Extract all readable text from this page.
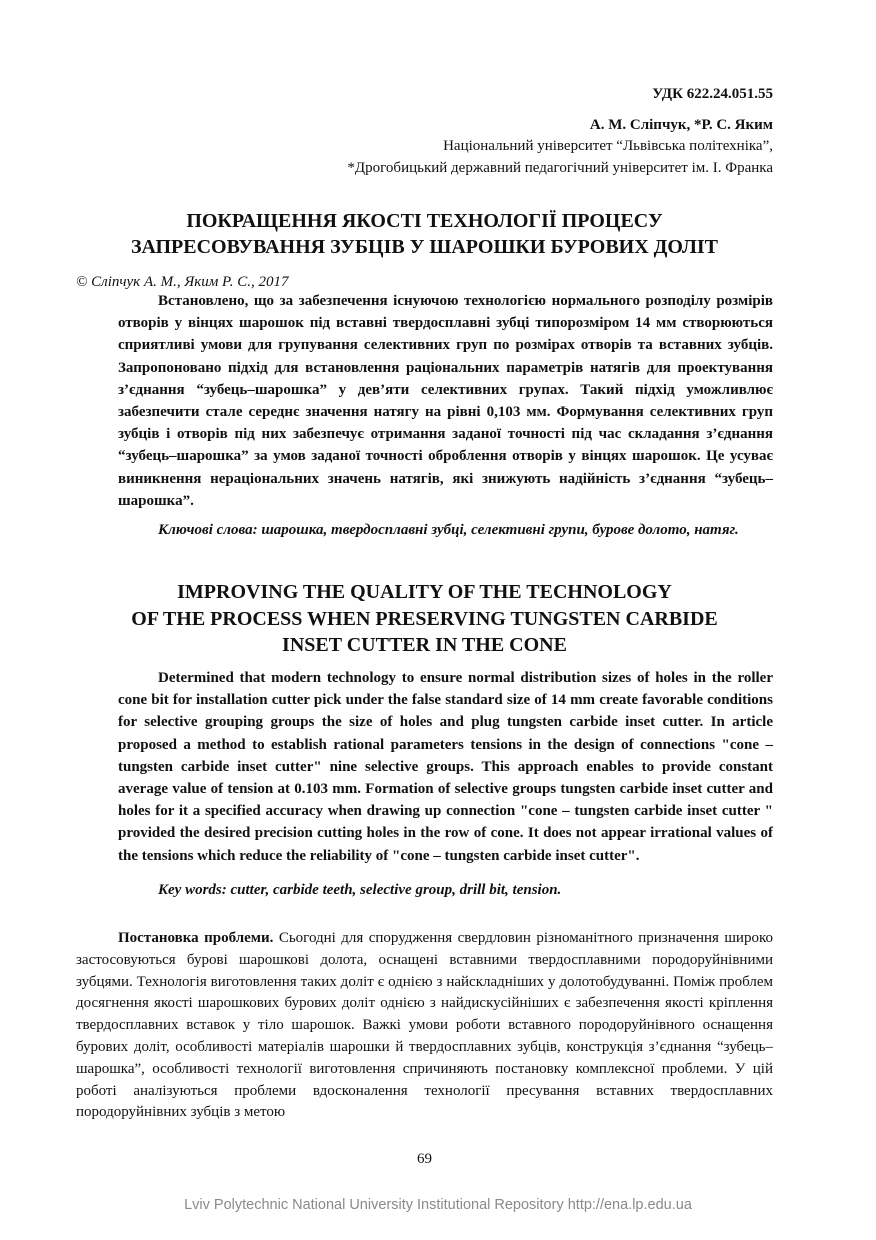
УДК 622.24.051.55
А. М. Сліпчук, *Р. С. Яким
Національний університет “Львівська політехніка”,
*Дрогобицький державний педагогічний університет ім. І. Франка
ПОКРАЩЕННЯ ЯКОСТІ ТЕХНОЛОГІЇ ПРОЦЕСУ
ЗАПРЕСОВУВАННЯ ЗУБЦІВ У ШАРОШКИ БУРОВИХ ДОЛІТ
© Сліпчук А. М., Яким Р. С., 2017
Встановлено, що за забезпечення існуючою технологією нормального розподілу розмірів отворів у вінцях шарошок під вставні твердосплавні зубці типорозміром 14 мм створюються сприятливі умови для групування селективних груп по розмірах отворів та вставних зубців. Запропоновано підхід для встановлення раціональних параметрів натягів для проектування з’єднання “зубець–шарошка” у дев’яти селективних групах. Такий підхід уможливлює забезпечити стале середнє значення натягу на рівні 0,103 мм. Формування селективних груп зубців і отворів під них забезпечує отримання заданої точності під час складання з’єднання “зубець–шарошка” за умов заданої точності оброблення отворів у вінцях шарошок. Це усуває виникнення нераціональних значень натягів, які знижують надійність з’єднання “зубець–шарошка”.
Ключові слова: шарошка, твердосплавні зубці, селективні групи, бурове долото, натяг.
IMPROVING THE QUALITY OF THE TECHNOLOGY
OF THE PROCESS WHEN PRESERVING TUNGSTEN CARBIDE
INSET CUTTER IN THE CONE
Determined that modern technology to ensure normal distribution sizes of holes in the roller cone bit for installation cutter pick under the false standard size of 14 mm create favorable conditions for selective grouping groups the size of holes and plug tungsten carbide inset cutter. In article proposed a method to establish rational parameters tensions in the design of connections "cone – tungsten carbide inset cutter" nine selective groups. This approach enables to provide constant average value of tension at 0.103 mm. Formation of selective groups tungsten carbide inset cutter and holes for it a specified accuracy when drawing up connection "cone – tungsten carbide inset cutter " provided the desired precision cutting holes in the row of cone. It does not appear irrational values of the tensions which reduce the reliability of "cone – tungsten carbide inset cutter".
Key words: cutter, carbide teeth, selective group, drill bit, tension.
Постановка проблеми. Сьогодні для спорудження свердловин різноманітного призначення широко застосовуються бурові шарошкові долота, оснащені вставними твердосплавними породоруйнівними зубцями. Технологія виготовлення таких доліт є однією з найскладніших у долотобудуванні. Поміж проблем досягнення якості шарошкових бурових доліт однією з найдискусійніших є забезпечення якості кріплення твердосплавних вставок у тіло шарошок. Важкі умови роботи вставного породоруйнівного оснащення бурових доліт, особливості матеріалів шарошки й твердосплавних зубців, конструкція з’єднання “зубець–шарошка”, особливості технології виготовлення спричиняють постановку комплексної проблеми. У цій роботі аналізуються проблеми вдосконалення технології пресування вставних твердосплавних породоруйнівних зубців з метою
69
Lviv Polytechnic National University Institutional Repository http://ena.lp.edu.ua
